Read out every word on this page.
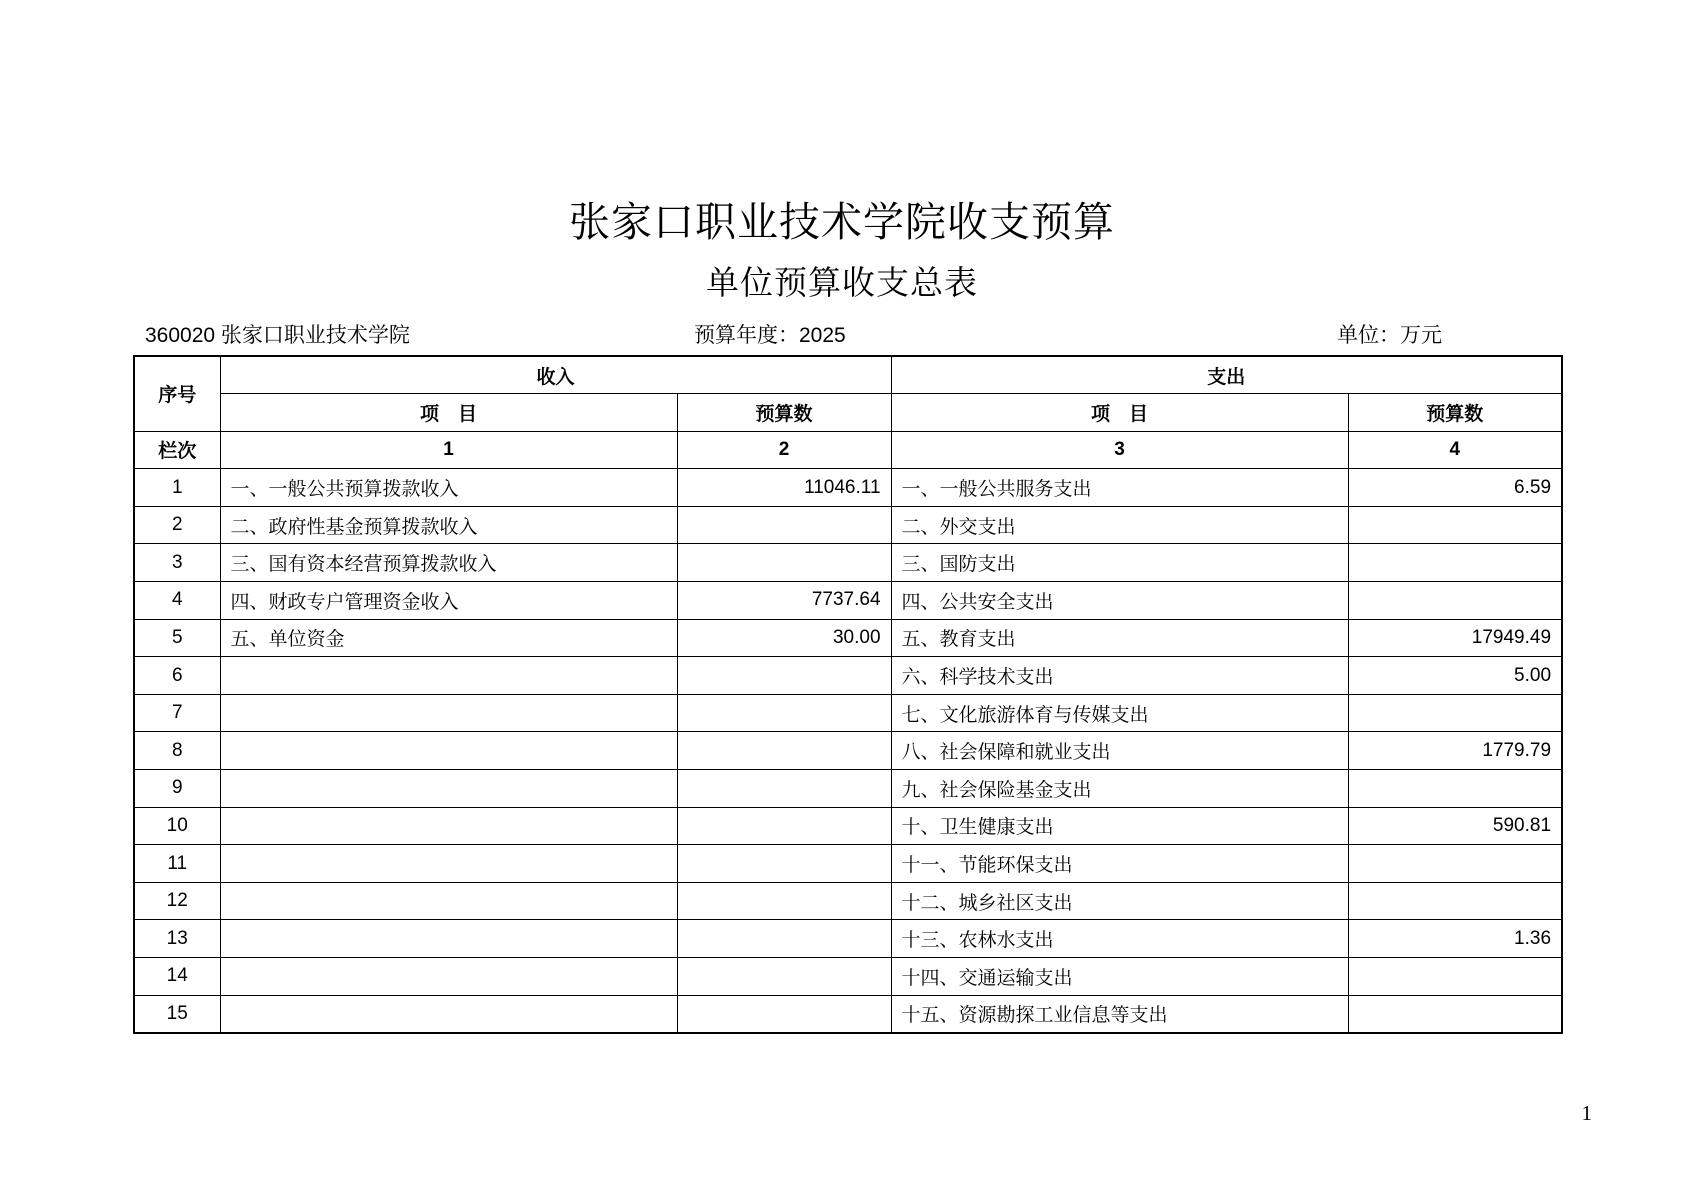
张家口职业技术学院收支预算
单位预算收支总表
360020 张家口职业技术学院	预算年度：2025	单位：万元
序号	收入		支出	
	项　目	预算数	项　目	预算数
栏次	1	2	3	4
1	一、一般公共预算拨款收入	11046.11	一、一般公共服务支出	6.59
2	二、政府性基金预算拨款收入		二、外交支出	
3	三、国有资本经营预算拨款收入		三、国防支出	
4	四、财政专户管理资金收入	7737.64	四、公共安全支出	
5	五、单位资金	30.00	五、教育支出	17949.49
6			六、科学技术支出	5.00
7			七、文化旅游体育与传媒支出	
8			八、社会保障和就业支出	1779.79
9			九、社会保险基金支出	
10			十、卫生健康支出	590.81
11			十一、节能环保支出	
12			十二、城乡社区支出	
13			十三、农林水支出	1.36
14			十四、交通运输支出	
15			十五、资源勘探工业信息等支出	
1
